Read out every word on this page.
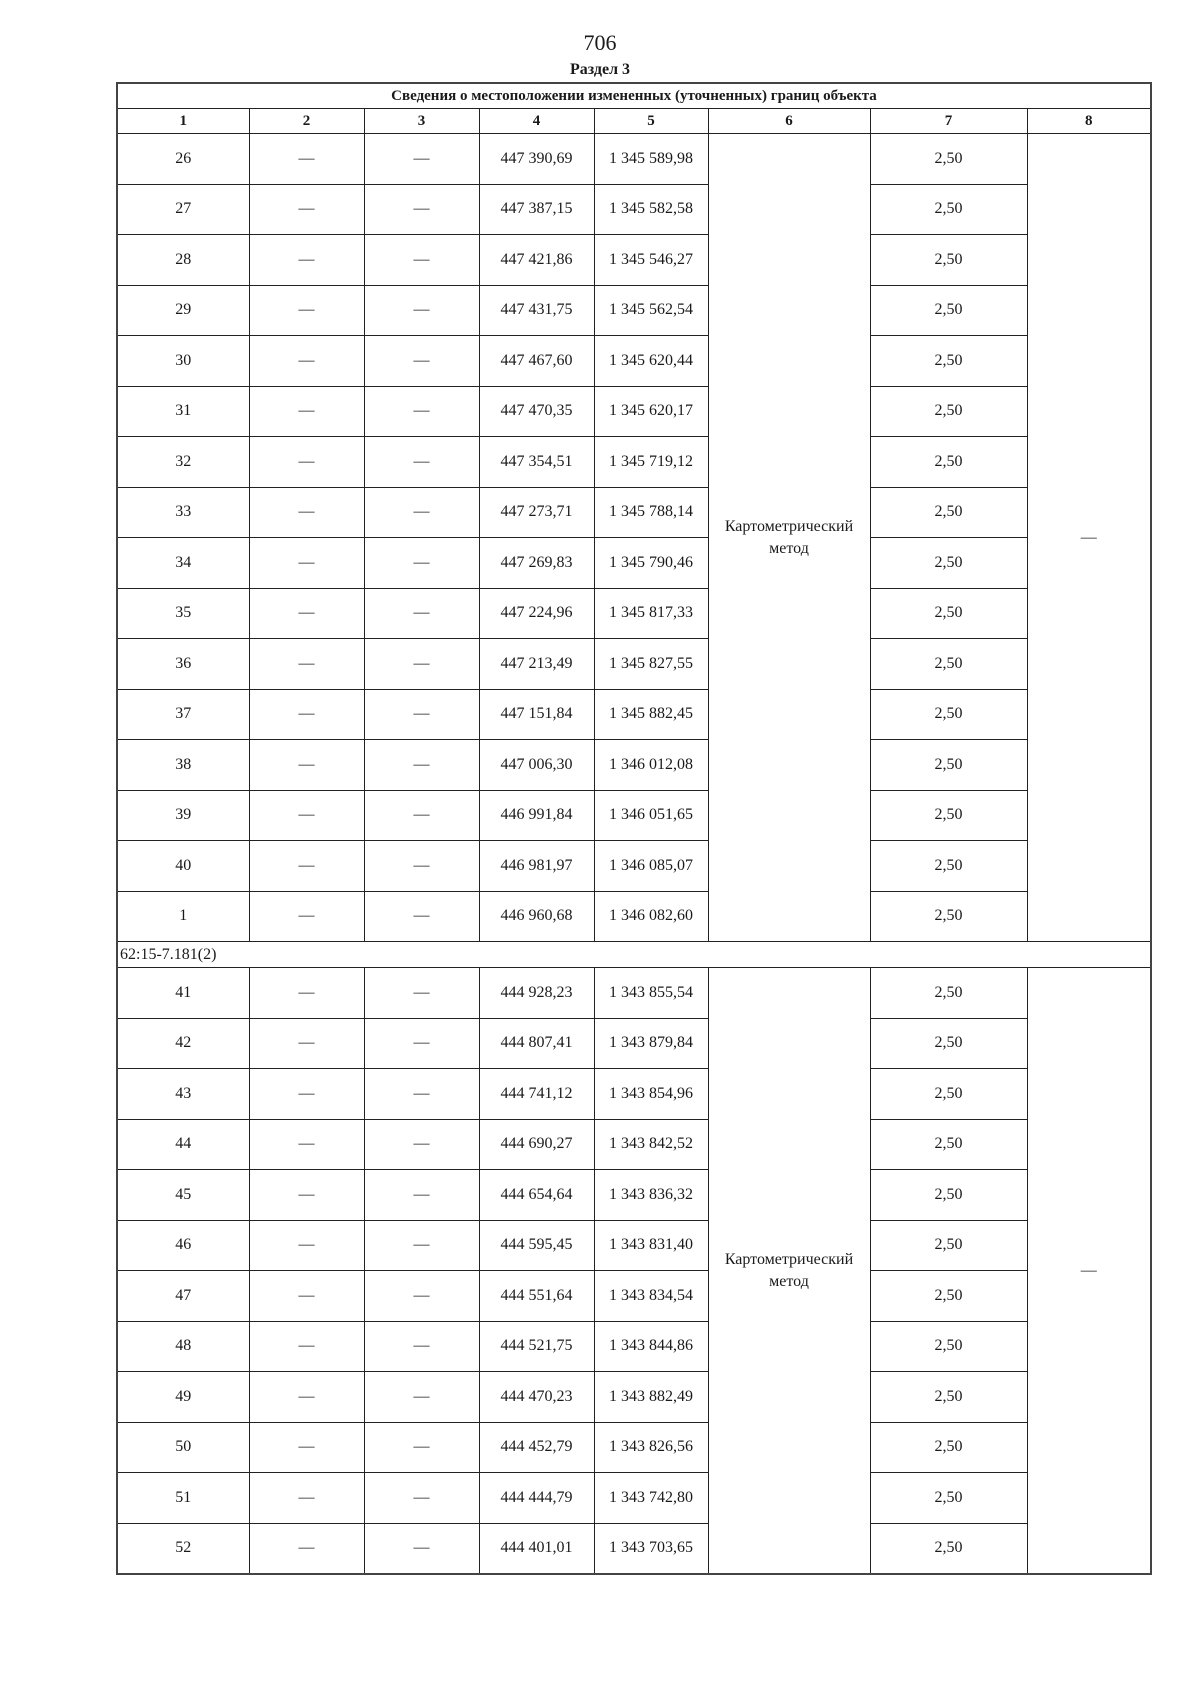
706
Раздел 3
Сведения о местоположении измененных (уточненных) границ объекта							
1	2	3	4	5	6	7	8
26	—	—	447 390,69	1 345 589,98	Картометрический метод	2,50	—
27	—	—	447 387,15	1 345 582,58		2,50	
28	—	—	447 421,86	1 345 546,27		2,50	
29	—	—	447 431,75	1 345 562,54		2,50	
30	—	—	447 467,60	1 345 620,44		2,50	
31	—	—	447 470,35	1 345 620,17		2,50	
32	—	—	447 354,51	1 345 719,12		2,50	
33	—	—	447 273,71	1 345 788,14		2,50	
34	—	—	447 269,83	1 345 790,46		2,50	
35	—	—	447 224,96	1 345 817,33		2,50	
36	—	—	447 213,49	1 345 827,55		2,50	
37	—	—	447 151,84	1 345 882,45		2,50	
38	—	—	447 006,30	1 346 012,08		2,50	
39	—	—	446 991,84	1 346 051,65		2,50	
40	—	—	446 981,97	1 346 085,07		2,50	
1	—	—	446 960,68	1 346 082,60		2,50	
62:15-7.181(2)							
41	—	—	444 928,23	1 343 855,54	Картометрический метод	2,50	—
42	—	—	444 807,41	1 343 879,84		2,50	
43	—	—	444 741,12	1 343 854,96		2,50	
44	—	—	444 690,27	1 343 842,52		2,50	
45	—	—	444 654,64	1 343 836,32		2,50	
46	—	—	444 595,45	1 343 831,40		2,50	
47	—	—	444 551,64	1 343 834,54		2,50	
48	—	—	444 521,75	1 343 844,86		2,50	
49	—	—	444 470,23	1 343 882,49		2,50	
50	—	—	444 452,79	1 343 826,56		2,50	
51	—	—	444 444,79	1 343 742,80		2,50	
52	—	—	444 401,01	1 343 703,65		2,50	
